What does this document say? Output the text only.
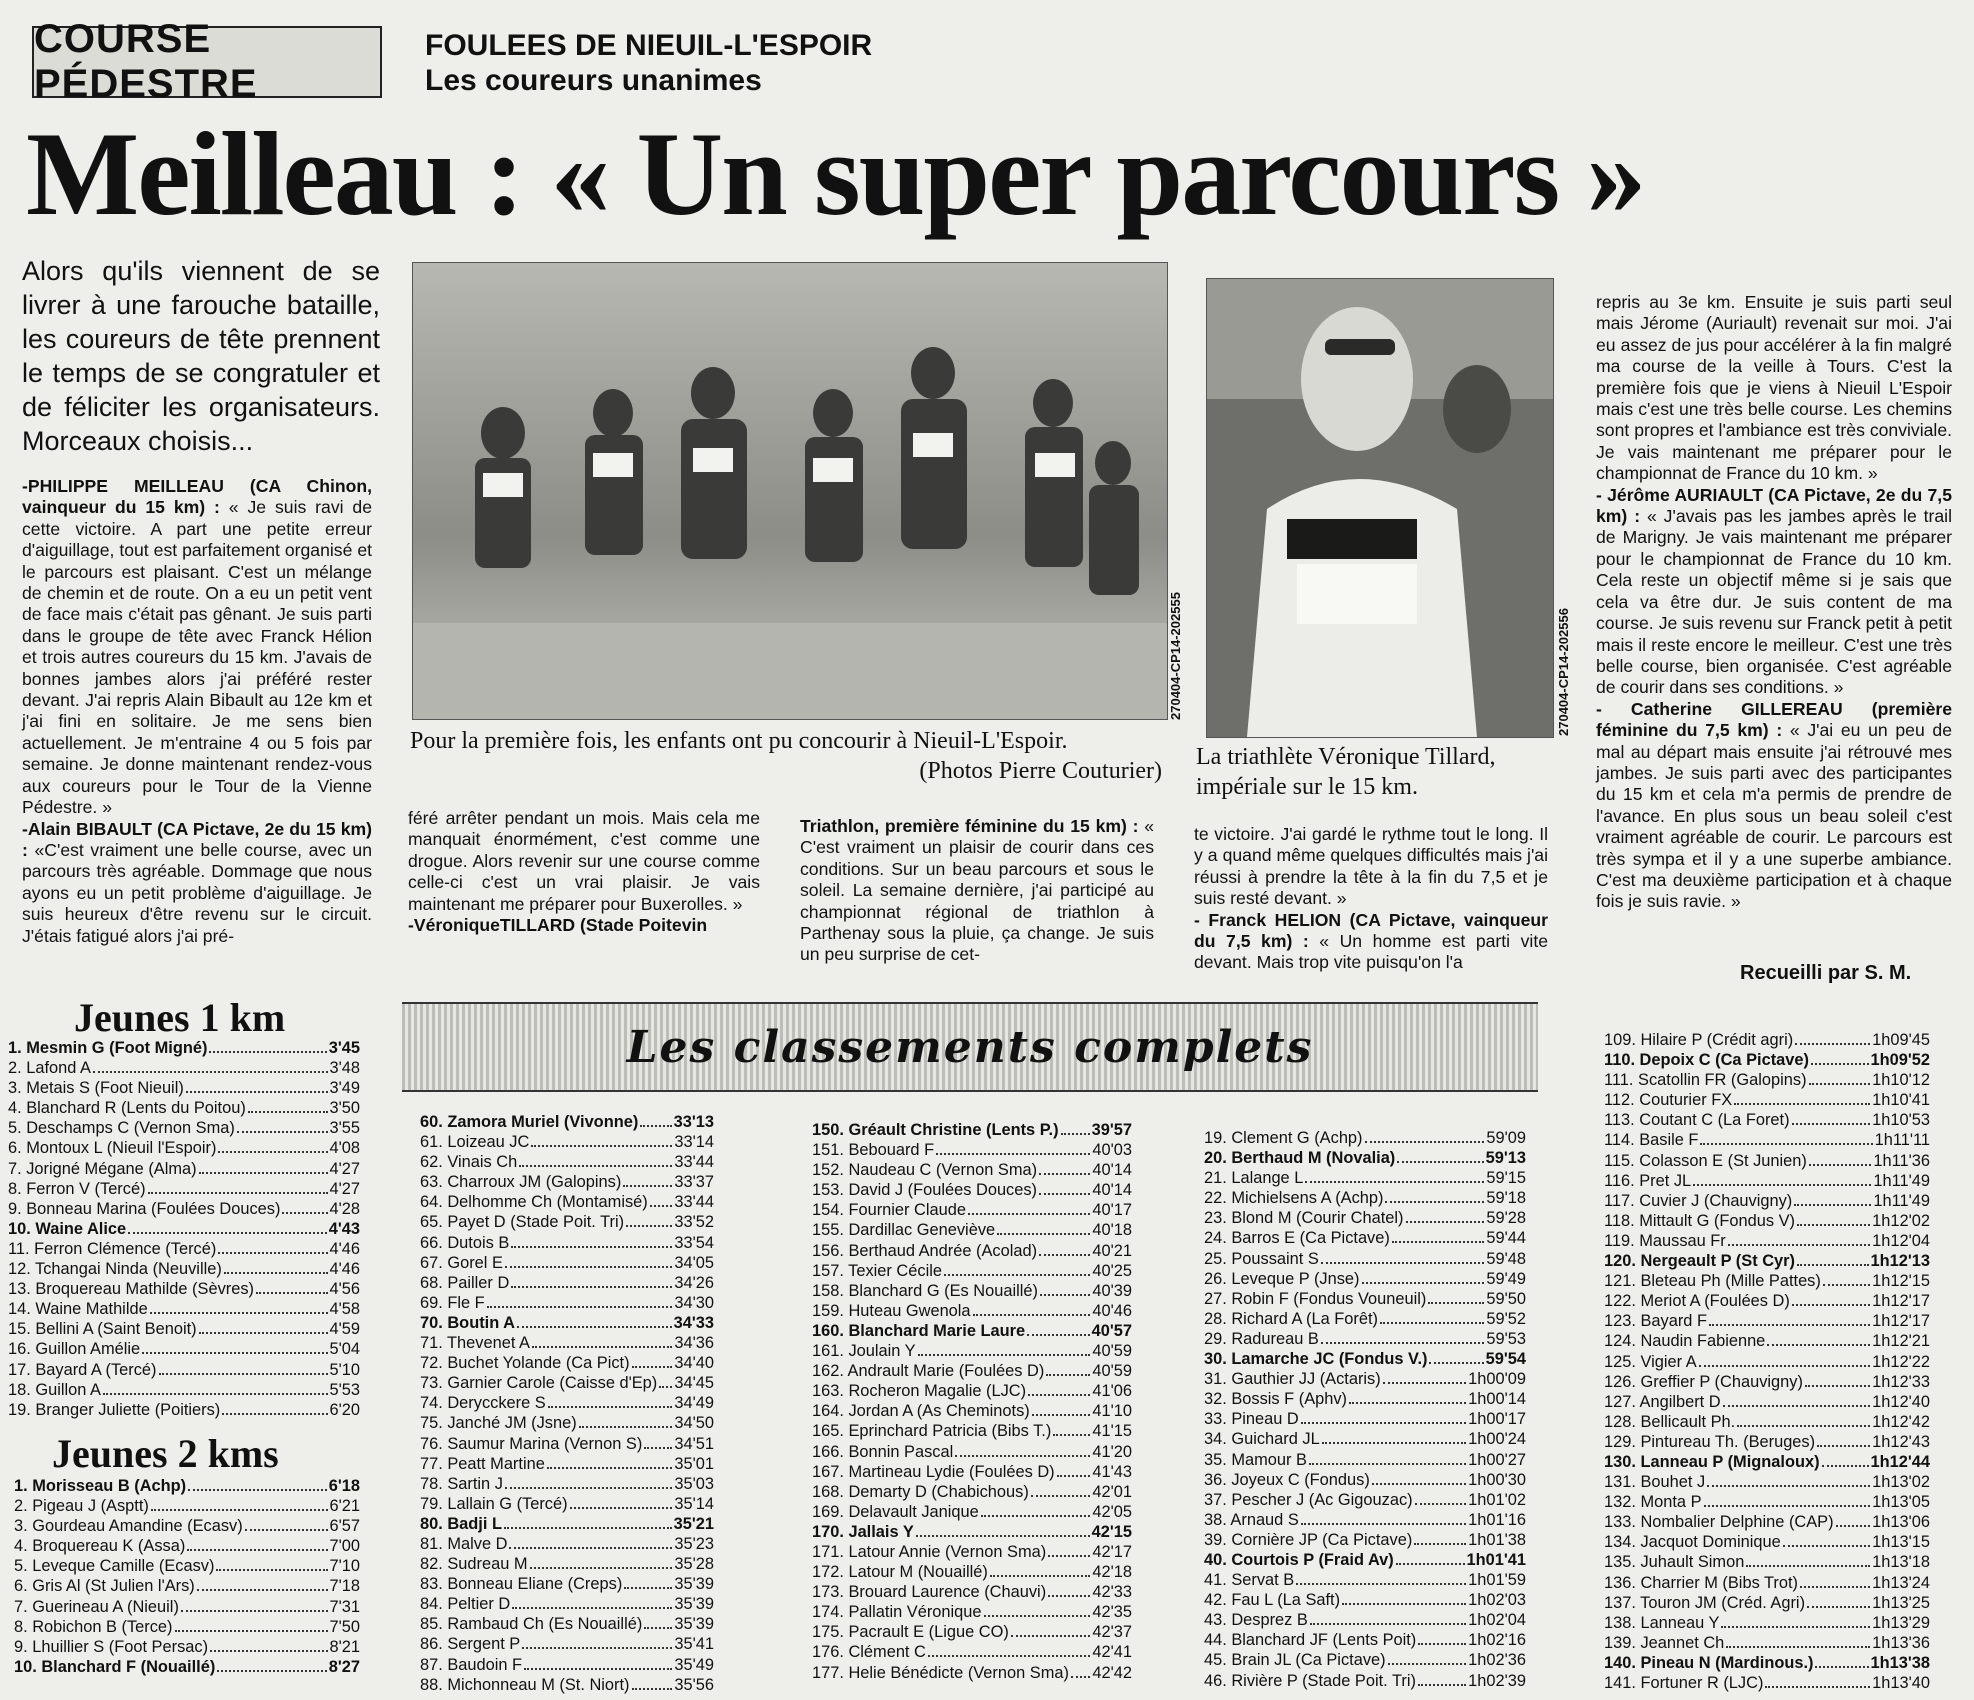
COURSE PÉDESTRE
FOULEES DE NIEUIL-L'ESPOIR
Les coureurs unanimes
Meilleau : « Un super parcours »
Alors qu'ils viennent de se livrer à une farouche bataille, les coureurs de tête prennent le temps de se congratuler et de féliciter les organisateurs. Morceaux choisis...
-PHILIPPE MEILLEAU (CA Chinon, vainqueur du 15 km) : « Je suis ravi de cette victoire. A part une petite erreur d'aiguillage, tout est parfaitement organisé et le parcours est plaisant. C'est un mélange de chemin et de route. On a eu un petit vent de face mais c'était pas gênant. Je suis parti dans le groupe de tête avec Franck Hélion et trois autres coureurs du 15 km. J'avais de bonnes jambes alors j'ai préféré rester devant. J'ai repris Alain Bibault au 12e km et j'ai fini en solitaire. Je me sens bien actuellement. Je m'entraine 4 ou 5 fois par semaine. Je donne maintenant rendez-vous aux coureurs pour le Tour de la Vienne Pédestre. »
-Alain BIBAULT (CA Pictave, 2e du 15 km) : «C'est vraiment une belle course, avec un parcours très agréable. Dommage que nous ayons eu un petit problème d'aiguillage. Je suis heureux d'être revenu sur le circuit. J'étais fatigué alors j'ai pré-
270404-CP14-202555
Pour la première fois, les enfants ont pu concourir à Nieuil-L'Espoir.
(Photos Pierre Couturier)
270404-CP14-202556
La triathlète Véronique Tillard, impériale sur le 15 km.
féré arrêter pendant un mois. Mais cela me manquait énormément, c'est comme une drogue. Alors revenir sur une course comme celle-ci c'est un vrai plaisir. Je vais maintenant me préparer pour Buxerolles. »
-VéroniqueTILLARD (Stade Poitevin
Triathlon, première féminine du 15 km) : « C'est vraiment un plaisir de courir dans ces conditions. Sur un beau parcours et sous le soleil. La semaine dernière, j'ai participé au championnat régional de triathlon à Parthenay sous la pluie, ça change. Je suis un peu surprise de cet-
te victoire. J'ai gardé le rythme tout le long. Il y a quand même quelques difficultés mais j'ai réussi à prendre la tête à la fin du 7,5 et je suis resté devant. »
- Franck HELION (CA Pictave, vainqueur du 7,5 km) : « Un homme est parti vite devant. Mais trop vite puisqu'on l'a
repris au 3e km. Ensuite je suis parti seul mais Jérome (Auriault) revenait sur moi. J'ai eu assez de jus pour accélérer à la fin malgré ma course de la veille à Tours. C'est la première fois que je viens à Nieuil L'Espoir mais c'est une très belle course. Les chemins sont propres et l'ambiance est très conviviale. Je vais maintenant me préparer pour le championnat de France du 10 km. »
- Jérôme AURIAULT (CA Pictave, 2e du 7,5 km) : « J'avais pas les jambes après le trail de Marigny. Je vais maintenant me préparer pour le championnat de France du 10 km. Cela reste un objectif même si je sais que cela va être dur. Je suis content de ma course. Je suis revenu sur Franck petit à petit mais il reste encore le meilleur. C'est une très belle course, bien organisée. C'est agréable de courir dans ses conditions. »
- Catherine GILLEREAU (première féminine du 7,5 km) : « J'ai eu un peu de mal au départ mais ensuite j'ai rétrouvé mes jambes. Je suis parti avec des participantes du 15 km et cela m'a permis de prendre de l'avance. En plus sous un beau soleil c'est vraiment agréable de courir. Le parcours est très sympa et il y a une superbe ambiance. C'est ma deuxième participation et à chaque fois je suis ravie. »
Recueilli par S. M.
Les classements complets
Jeunes 1 km
1. Mesmin G (Foot Migné)	3'45
2. Lafond A	3'48
3. Metais S (Foot Nieuil)	3'49
4. Blanchard R (Lents du Poitou)	3'50
5. Deschamps C (Vernon Sma)	3'55
6. Montoux L (Nieuil l'Espoir)	4'08
7. Jorigné Mégane (Alma)	4'27
8. Ferron V (Tercé)	4'27
9. Bonneau Marina (Foulées Douces)	4'28
10. Waine Alice	4'43
11. Ferron Clémence (Tercé)	4'46
12. Tchangai Ninda (Neuville)	4'46
13. Broquereau Mathilde (Sèvres)	4'56
14. Waine Mathilde	4'58
15. Bellini A (Saint Benoit)	4'59
16. Guillon Amélie	5'04
17. Bayard A (Tercé)	5'10
18. Guillon A	5'53
19. Branger Juliette (Poitiers)	6'20
Jeunes 2 kms
1. Morisseau B (Achp)	6'18
2. Pigeau J (Asptt)	6'21
3. Gourdeau Amandine (Ecasv)	6'57
4. Broquereau K (Assa)	7'00
5. Leveque Camille (Ecasv)	7'10
6. Gris Al (St Julien l'Ars)	7'18
7. Guerineau A (Nieuil)	7'31
8. Robichon B (Terce)	7'50
9. Lhuillier S (Foot Persac)	8'21
10. Blanchard F (Nouaillé)	8'27
60. Zamora Muriel (Vivonne) 33'13
61. Loizeau JC	33'14
62. Vinais Ch	33'44
63. Charroux JM (Galopins)	33'37
64. Delhomme Ch (Montamisé) 33'44
65. Payet D (Stade Poit. Tri)	33'52
66. Dutois B	33'54
67. Gorel E	34'05
68. Pailler D	34'26
69. Fle F	34'30
70. Boutin A	34'33
71. Thevenet A	34'36
72. Buchet Yolande (Ca Pict)	34'40
73. Garnier Carole (Caisse d'Ep) 34'45
74. Derycckere S	34'49
75. Janché JM (Jsne)	34'50
76. Saumur Marina (Vernon S) 34'51
77. Peatt Martine	35'01
78. Sartin J	35'03
79. Lallain G (Tercé)	35'14
80. Badji L	35'21
81. Malve D	35'23
82. Sudreau M	35'28
83. Bonneau Eliane (Creps)	35'39
84. Peltier D	35'39
85. Rambaud Ch (Es Nouaillé) 35'39
86. Sergent P	35'41
87. Baudoin F	35'49
88. Michonneau M (St. Niort)	35'56
150. Gréault Christine (Lents P.) 39'57
151. Bebouard F	40'03
152. Naudeau C (Vernon Sma)	40'14
153. David J (Foulées Douces)	40'14
154. Fournier Claude	40'17
155. Dardillac Geneviève	40'18
156. Berthaud Andrée (Acolad)	40'21
157. Texier Cécile	40'25
158. Blanchard G (Es Nouaillé)	40'39
159. Huteau Gwenola	40'46
160. Blanchard Marie Laure	40'57
161. Joulain Y	40'59
162. Andrault Marie (Foulées D)	40'59
163. Rocheron Magalie (LJC)	41'06
164. Jordan A (As Cheminots)	41'10
165. Eprinchard Patricia (Bibs T.)	41'15
166. Bonnin Pascal	41'20
167. Martineau Lydie (Foulées D) 41'43
168. Demarty D (Chabichous)	42'01
169. Delavault Janique	42'05
170. Jallais Y	42'15
171. Latour Annie (Vernon Sma)	42'17
172. Latour M (Nouaillé)	42'18
173. Brouard Laurence (Chauvi)	42'33
174. Pallatin Véronique	42'35
175. Pacrault E (Ligue CO)	42'37
176. Clément C	42'41
177. Helie Bénédicte (Vernon Sma) 42'42
19. Clement G (Achp)	59'09
20. Berthaud M (Novalia)	59'13
21. Lalange L	59'15
22. Michielsens A (Achp)	59'18
23. Blond M (Courir Chatel)	59'28
24. Barros E (Ca Pictave)	59'44
25. Poussaint S	59'48
26. Leveque P (Jnse)	59'49
27. Robin F (Fondus Vouneuil)	59'50
28. Richard A (La Forêt)	59'52
29. Radureau B	59'53
30. Lamarche JC (Fondus V.)	59'54
31. Gauthier JJ (Actaris)	1h00'09
32. Bossis F (Aphv)	1h00'14
33. Pineau D	1h00'17
34. Guichard JL	1h00'24
35. Mamour B	1h00'27
36. Joyeux C (Fondus)	1h00'30
37. Pescher J (Ac Gigouzac)	1h01'02
38. Arnaud S	1h01'16
39. Cornière JP (Ca Pictave)	1h01'38
40. Courtois P (Fraid Av)	1h01'41
41. Servat B	1h01'59
42. Fau L (La Saft)	1h02'03
43. Desprez B	1h02'04
44. Blanchard JF (Lents Poit)	1h02'16
45. Brain JL (Ca Pictave)	1h02'36
46. Rivière P (Stade Poit. Tri)	1h02'39
109. Hilaire P (Crédit agri)	1h09'45
110. Depoix C (Ca Pictave)	1h09'52
111. Scatollin FR (Galopins)	1h10'12
112. Couturier FX	1h10'41
113. Coutant C (La Foret)	1h10'53
114. Basile F	1h11'11
115. Colasson E (St Junien)	1h11'36
116. Pret JL	1h11'49
117. Cuvier J (Chauvigny)	1h11'49
118. Mittault G (Fondus V)	1h12'02
119. Maussau Fr	1h12'04
120. Nergeault P (St Cyr)	1h12'13
121. Bleteau Ph (Mille Pattes)	1h12'15
122. Meriot A (Foulées D)	1h12'17
123. Bayard F	1h12'17
124. Naudin Fabienne	1h12'21
125. Vigier A	1h12'22
126. Greffier P (Chauvigny)	1h12'33
127. Angilbert D	1h12'40
128. Bellicault Ph.	1h12'42
129. Pintureau Th. (Beruges)	1h12'43
130. Lanneau P (Mignaloux)	1h12'44
131. Bouhet J	1h13'02
132. Monta P	1h13'05
133. Nombalier Delphine (CAP) 1h13'06
134. Jacquot Dominique	1h13'15
135. Juhault Simon	1h13'18
136. Charrier M (Bibs Trot)	1h13'24
137. Touron JM (Créd. Agri)	1h13'25
138. Lanneau Y	1h13'29
139. Jeannet Ch	1h13'36
140. Pineau N (Mardinous.)	1h13'38
141. Fortuner R (LJC)	1h13'40
